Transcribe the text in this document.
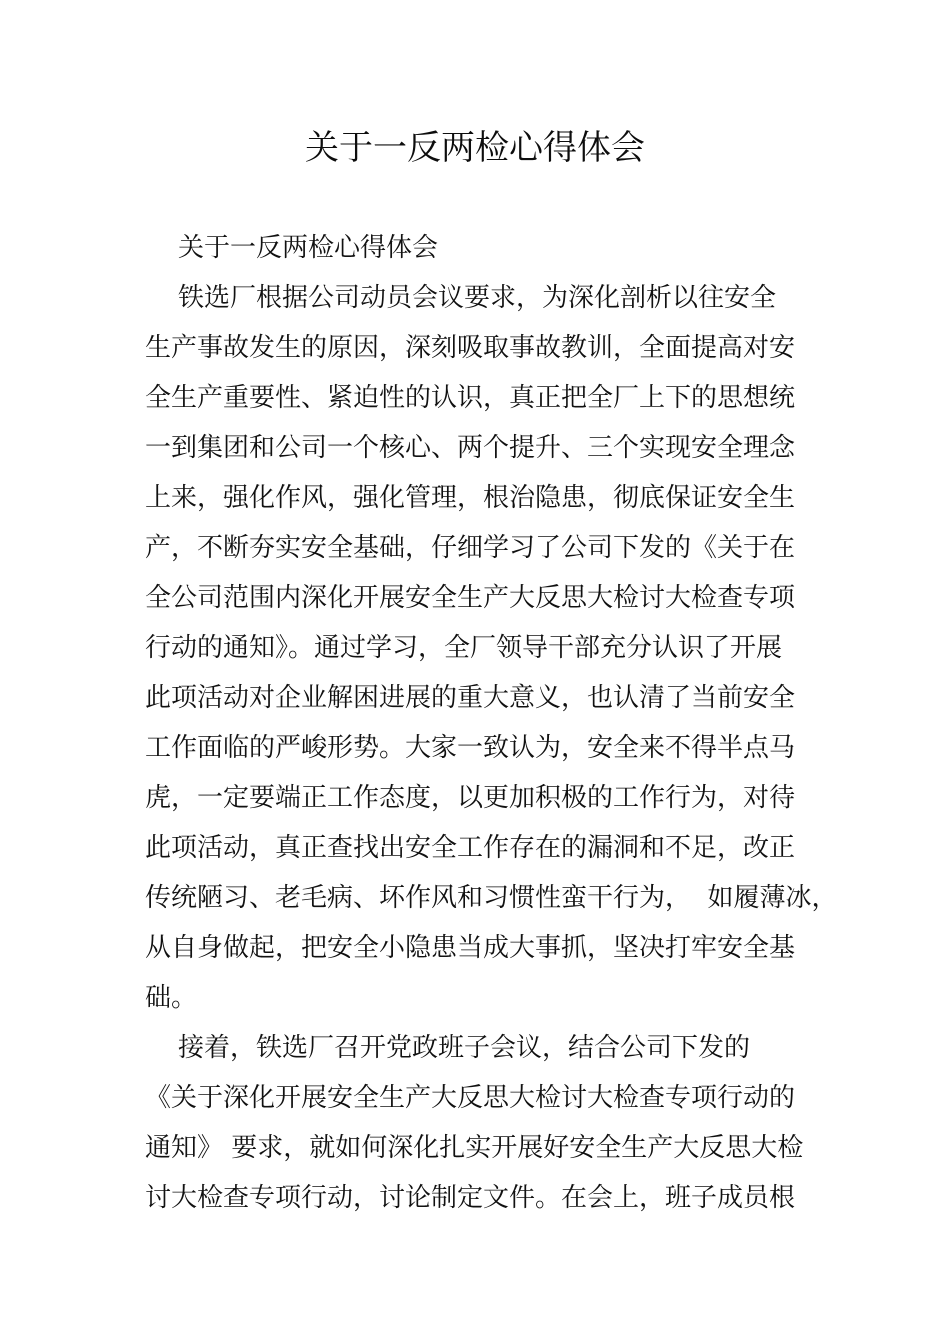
关于一反两检心得体会
关于一反两检心得体会
铁选厂根据公司动员会议要求，为深化剖析以往安全
生产事故发生的原因，深刻吸取事故教训，全面提高对安
全生产重要性、紧迫性的认识，真正把全厂上下的思想统
一到集团和公司一个核心、两个提升、三个实现安全理念
上来，强化作风，强化管理，根治隐患，彻底保证安全生
产，不断夯实安全基础，仔细学习了公司下发的《关于在
全公司范围内深化开展安全生产大反思大检讨大检查专项
行动的通知》。通过学习，全厂领导干部充分认识了开展
此项活动对企业解困进展的重大意义，也认清了当前安全
工作面临的严峻形势。大家一致认为，安全来不得半点马
虎，一定要端正工作态度，以更加积极的工作行为，对待
此项活动，真正查找出安全工作存在的漏洞和不足，改正
传统陋习、老毛病、坏作风和习惯性蛮干行为，  如履薄冰，
从自身做起，把安全小隐患当成大事抓，坚决打牢安全基
础。
接着，铁选厂召开党政班子会议，结合公司下发的
《关于深化开展安全生产大反思大检讨大检查专项行动的
通知》 要求，就如何深化扎实开展好安全生产大反思大检
讨大检查专项行动，讨论制定文件。在会上，班子成员根
